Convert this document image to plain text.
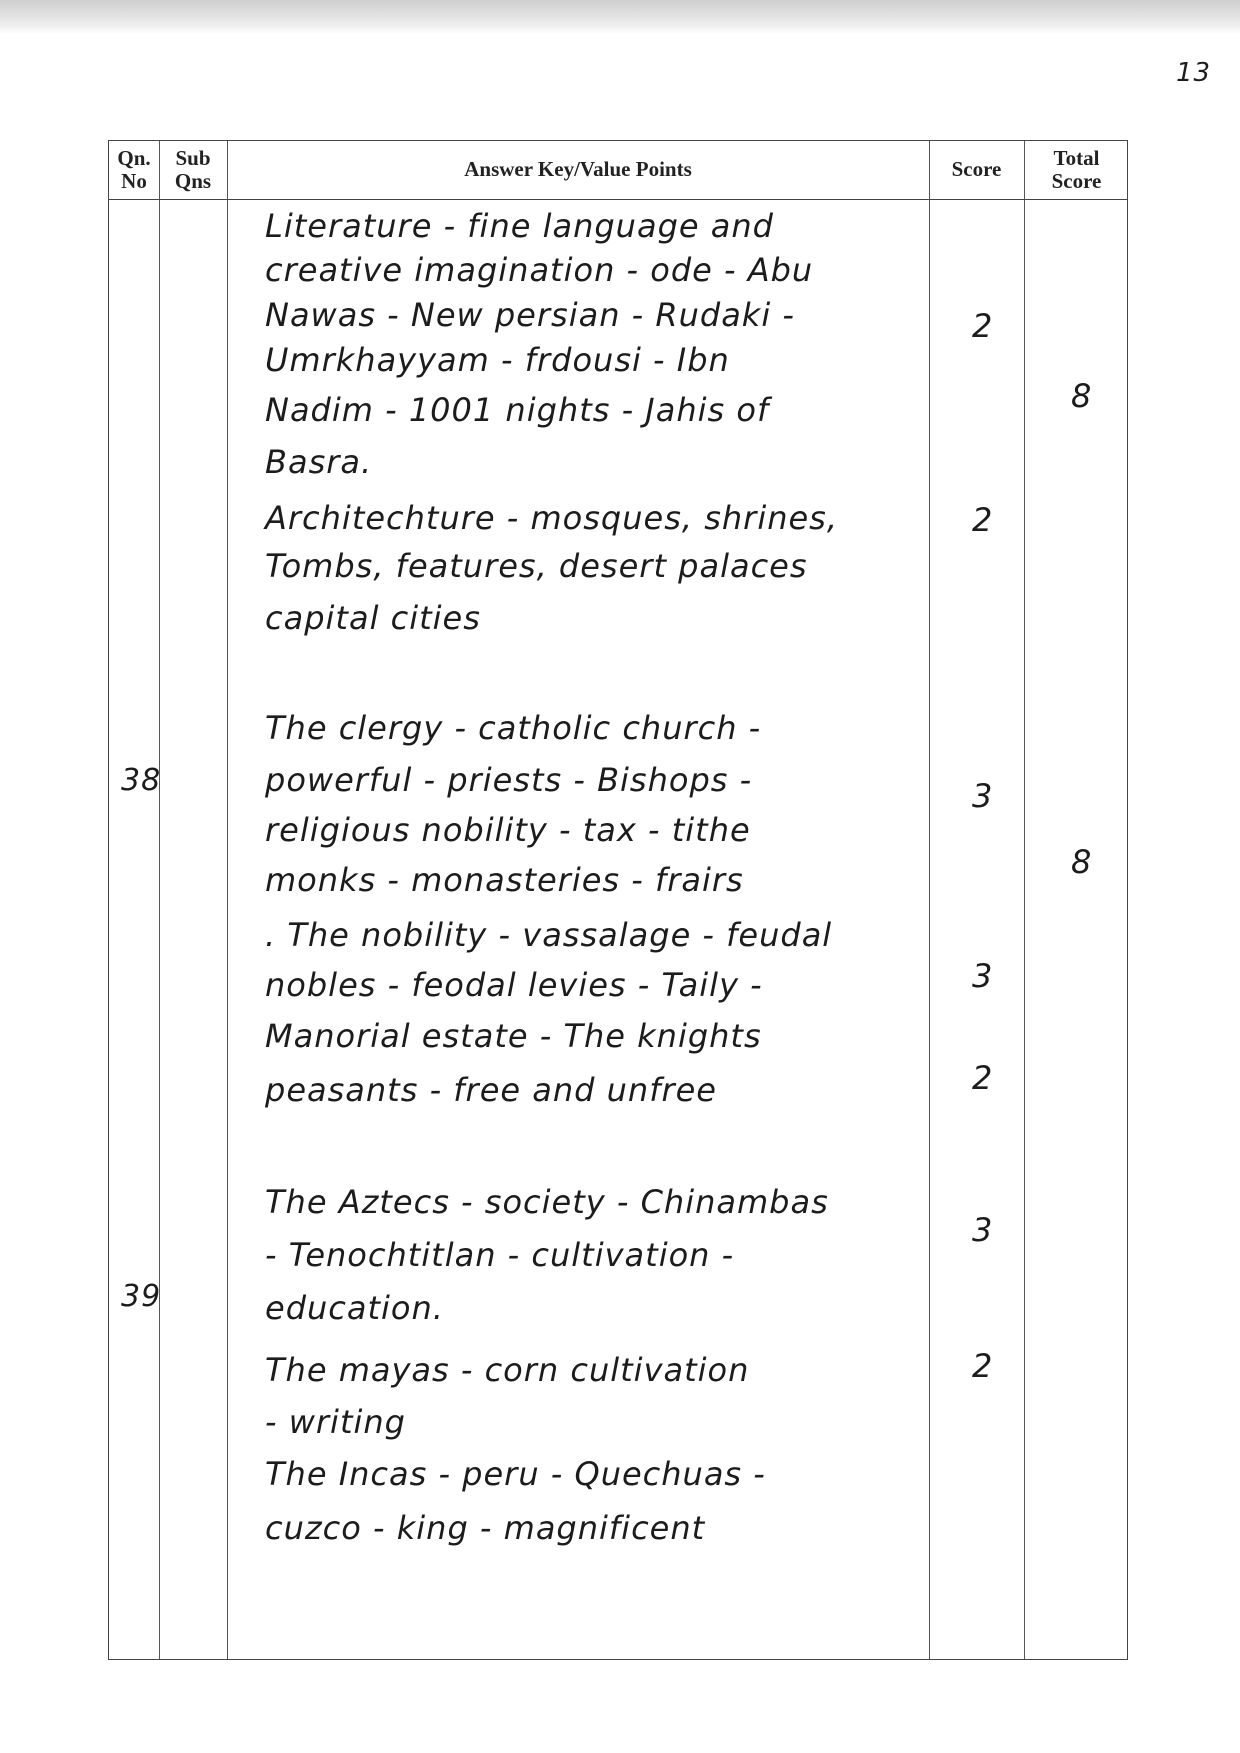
13
Qn.
No
Sub
Qns	Answer Key/Value Points	Score Total
Score
38
39
Literature - fine language and
creative imagination - ode - Abu
Nawas - New persian - Rudaki -
Umrkhayyam - frdousi - Ibn
Nadim - 1001 nights - Jahis of
Basra.
Architechture - mosques, shrines,
Tombs, features, desert palaces
capital cities
The clergy - catholic church -
powerful - priests - Bishops -
religious nobility - tax - tithe
monks - monasteries - frairs
. The nobility - vassalage - feudal
nobles - feodal levies - Taily -
Manorial estate - The knights
peasants - free and unfree
The Aztecs - society - Chinambas
- Tenochtitlan - cultivation -
education.
The mayas - corn cultivation
- writing
The Incas - peru - Quechuas -
cuzco - king - magnificent
2
2
3
3
2
3
2
8
8
